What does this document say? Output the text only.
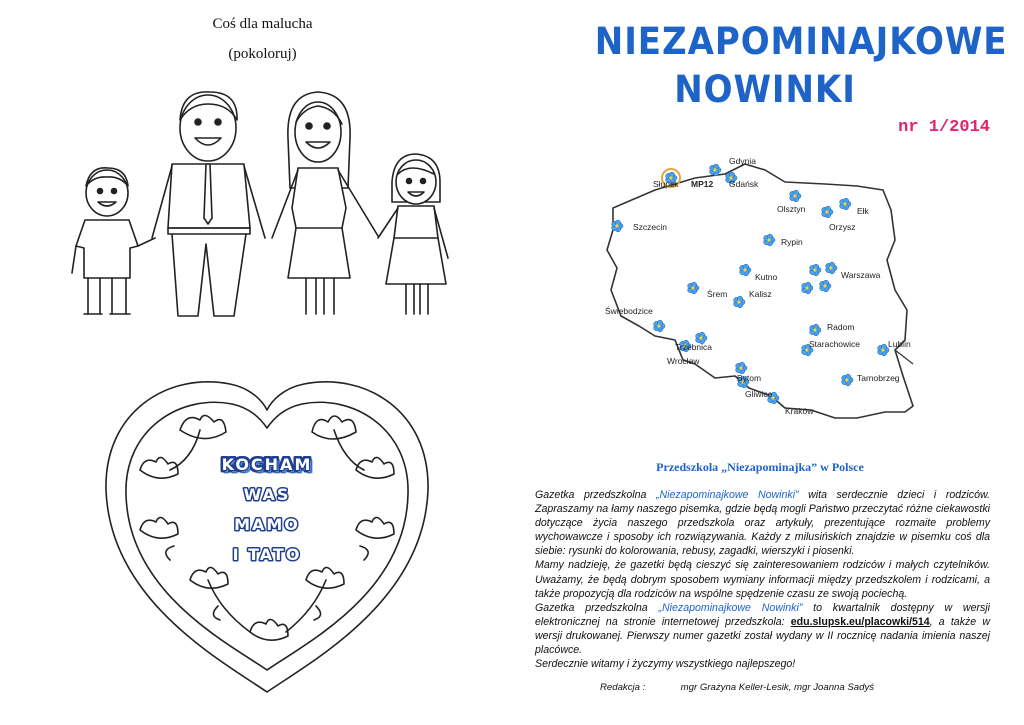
Coś dla malucha
(pokoloruj)
KOCHAM
WAS
MAMO
I TATO
NIEZAPOMINAJKOWE
NOWINKI
nr 1/2014
Gdynia
Słupsk MP12 Gdańsk
Olsztyn	Ełk
Orzysz
Szczecin
Rypin
Kutno	Warszawa
Śrem	Kalisz
Świebodzice
Radom
Trzebnica	Starachowice	Lublin
Wrocław
Bytom	Tarnobrzeg
Gliwice
Kraków
Przedszkola „Niezapominajka” w Polsce

Gazetka przedszkolna „Niezapominajkowe Nowinki” wita serdecznie dzieci i rodziców. Zapraszamy na łamy naszego pisemka, gdzie będą mogli Państwo przeczytać różne ciekawostki dotyczące życia naszego przedszkola oraz artykuły, prezentujące rozmaite problemy wychowawcze i sposoby ich rozwiązywania. Każdy z milusińskich znajdzie w pisemku coś dla siebie: rysunki do kolorowania, rebusy, zagadki, wierszyki i piosenki.

Mamy nadzieję, że gazetki będą cieszyć się zainteresowaniem rodziców i małych czytelników. Uważamy, że będą dobrym sposobem wymiany informacji między przedszkolem i rodzicami, a także propozycją dla rodziców na wspólne spędzenie czasu ze swoją pociechą.

Gazetka przedszkolna „Niezapominajkowe Nowinki” to kwartalnik dostępny w wersji elektronicznej na stronie internetowej przedszkola: edu.slupsk.eu/placowki/514, a także w wersji drukowanej. Pierwszy numer gazetki został wydany w II rocznicę nadania imienia naszej placówce.

Serdecznie witamy i życzymy wszystkiego najlepszego!

Redakcja :	mgr Grażyna Keller-Lesik, mgr Joanna Sadyś
